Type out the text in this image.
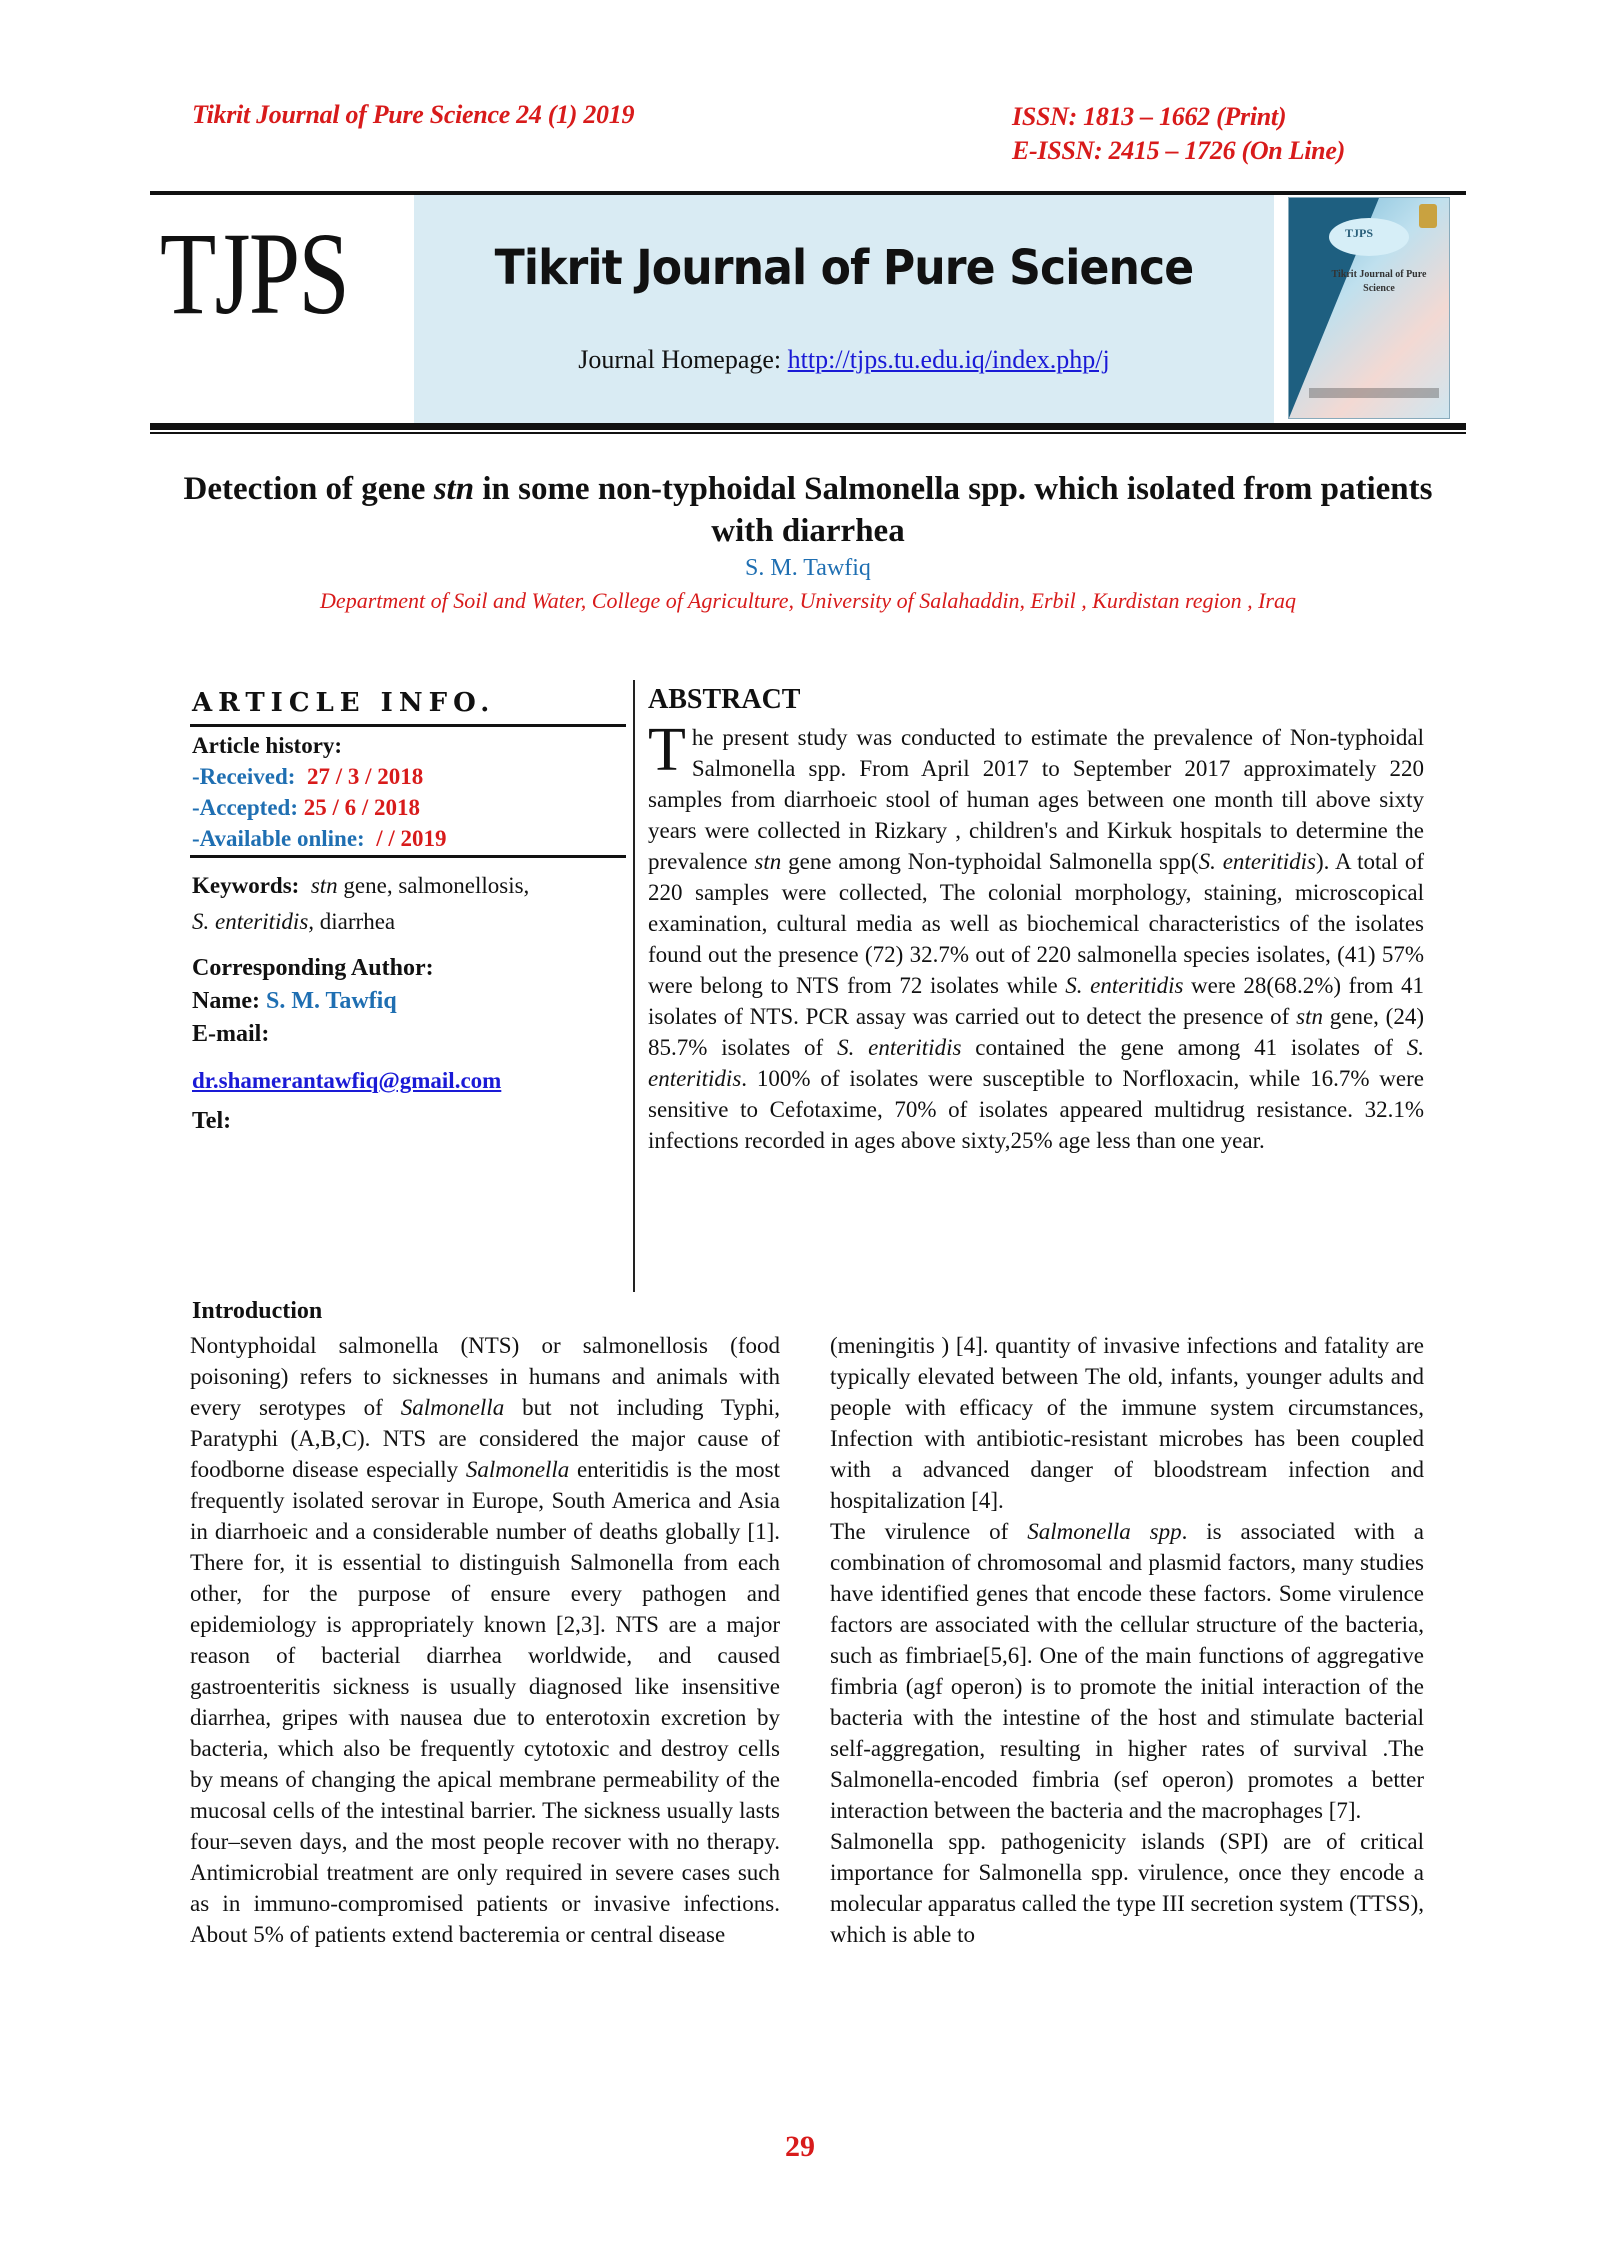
Tikrit Journal of Pure Science 24 (1) 2019	ISSN: 1813 – 1662 (Print)
E-ISSN: 2415 – 1726 (On Line)
TJPS	Tikrit Journal of Pure Science
Journal Homepage: http://tjps.tu.edu.iq/index.php/j
TJPS
Tikrit Journal of Pure Science
Detection of gene stn in some non-typhoidal Salmonella spp. which isolated from patients with diarrhea
S. M. Tawfiq
Department of Soil and Water, College of Agriculture, University of Salahaddin, Erbil , Kurdistan region , Iraq
ARTICLE INFO.
Article history:
-Received: 27 / 3 / 2018
-Accepted: 25 / 6 / 2018
-Available online: / / 2019
Keywords: stn gene, salmonellosis,
S. enteritidis, diarrhea
Corresponding Author:
Name: S. M. Tawfiq
E-mail:
dr.shamerantawfiq@gmail.com
Tel:
ABSTRACT
The present study was conducted to estimate the prevalence of Non-typhoidal Salmonella spp. From April 2017 to September 2017 approximately 220 samples from diarrhoeic stool of human ages between one month till above sixty years were collected in Rizkary , children's and Kirkuk hospitals to determine the prevalence stn gene among Non-typhoidal Salmonella spp(S. enteritidis). A total of 220 samples were collected, The colonial morphology, staining, microscopical examination, cultural media as well as biochemical characteristics of the isolates found out the presence (72) 32.7% out of 220 salmonella species isolates, (41) 57% were belong to NTS from 72 isolates while S. enteritidis were 28(68.2%) from 41 isolates of NTS. PCR assay was carried out to detect the presence of stn gene, (24) 85.7% isolates of S. enteritidis contained the gene among 41 isolates of S. enteritidis. 100% of isolates were susceptible to Norfloxacin, while 16.7% were sensitive to Cefotaxime, 70% of isolates appeared multidrug resistance. 32.1% infections recorded in ages above sixty,25% age less than one year.
Introduction

Nontyphoidal salmonella (NTS) or salmonellosis (food poisoning) refers to sicknesses in humans and animals with every serotypes of Salmonella but not including Typhi, Paratyphi (A,B,C). NTS are considered the major cause of foodborne disease especially Salmonella enteritidis is the most frequently isolated serovar in Europe, South America and Asia in diarrhoeic and a considerable number of deaths globally [1]. There for, it is essential to distinguish Salmonella from each other, for the purpose of ensure every pathogen and epidemiology is appropriately known [2,3]. NTS are a major reason of bacterial diarrhea worldwide, and caused gastroenteritis sickness is usually diagnosed like insensitive diarrhea, gripes with nausea due to enterotoxin excretion by bacteria, which also be frequently cytotoxic and destroy cells by means of changing the apical membrane permeability of the mucosal cells of the intestinal barrier. The sickness usually lasts four–seven days, and the most people recover with no therapy. Antimicrobial treatment are only required in severe cases such as in immuno-compromised patients or invasive infections. About 5% of patients extend bacteremia or central disease

(meningitis ) [4]. quantity of invasive infections and fatality are typically elevated between The old, infants, younger adults and people with efficacy of the immune system circumstances, Infection with antibiotic-resistant microbes has been coupled with a advanced danger of bloodstream infection and hospitalization [4].

The virulence of Salmonella spp. is associated with a combination of chromosomal and plasmid factors, many studies have identified genes that encode these factors. Some virulence factors are associated with the cellular structure of the bacteria, such as fimbriae[5,6]. One of the main functions of aggregative fimbria (agf operon) is to promote the initial interaction of the bacteria with the intestine of the host and stimulate bacterial self-aggregation, resulting in higher rates of survival .The Salmonella-encoded fimbria (sef operon) promotes a better interaction between the bacteria and the macrophages [7].

Salmonella spp. pathogenicity islands (SPI) are of critical importance for Salmonella spp. virulence, once they encode a molecular apparatus called the type III secretion system (TTSS), which is able to

29
